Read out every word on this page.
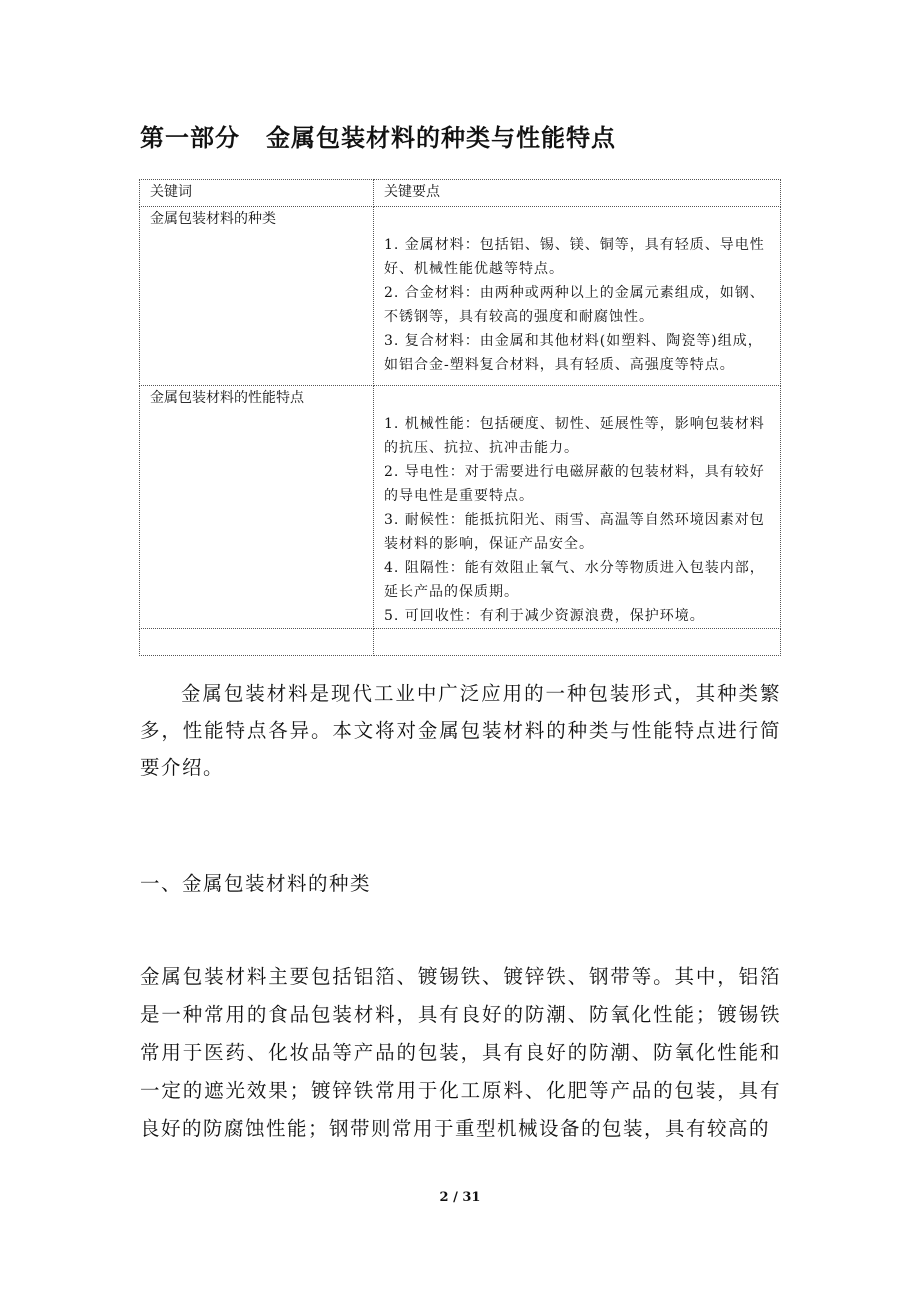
第一部分 金属包装材料的种类与性能特点
关键词	关键要点
金属包装材料的种类	1. 金属材料：包括铝、锡、镁、铜等，具有轻质、导电性好、机械性能优越等特点。

2. 合金材料：由两种或两种以上的金属元素组成，如钢、不锈钢等，具有较高的强度和耐腐蚀性。

3. 复合材料：由金属和其他材料(如塑料、陶瓷等)组成，如铝合金-塑料复合材料，具有轻质、高强度等特点。

金属包装材料的性能特点	1. 机械性能：包括硬度、韧性、延展性等，影响包装材料的抗压、抗拉、抗冲击能力。

2. 导电性：对于需要进行电磁屏蔽的包装材料，具有较好的导电性是重要特点。

3. 耐候性：能抵抗阳光、雨雪、高温等自然环境因素对包装材料的影响，保证产品安全。

4. 阻隔性：能有效阻止氧气、水分等物质进入包装内部，延长产品的保质期。

5. 可回收性：有利于减少资源浪费，保护环境。

金属包装材料是现代工业中广泛应用的一种包装形式，其种类繁多，性能特点各异。本文将对金属包装材料的种类与性能特点进行简要介绍。

一、金属包装材料的种类

金属包装材料主要包括铝箔、镀锡铁、镀锌铁、钢带等。其中，铝箔是一种常用的食品包装材料，具有良好的防潮、防氧化性能；镀锡铁常用于医药、化妆品等产品的包装，具有良好的防潮、防氧化性能和一定的遮光效果；镀锌铁常用于化工原料、化肥等产品的包装，具有良好的防腐蚀性能；钢带则常用于重型机械设备的包装，具有较高的

2 / 31
